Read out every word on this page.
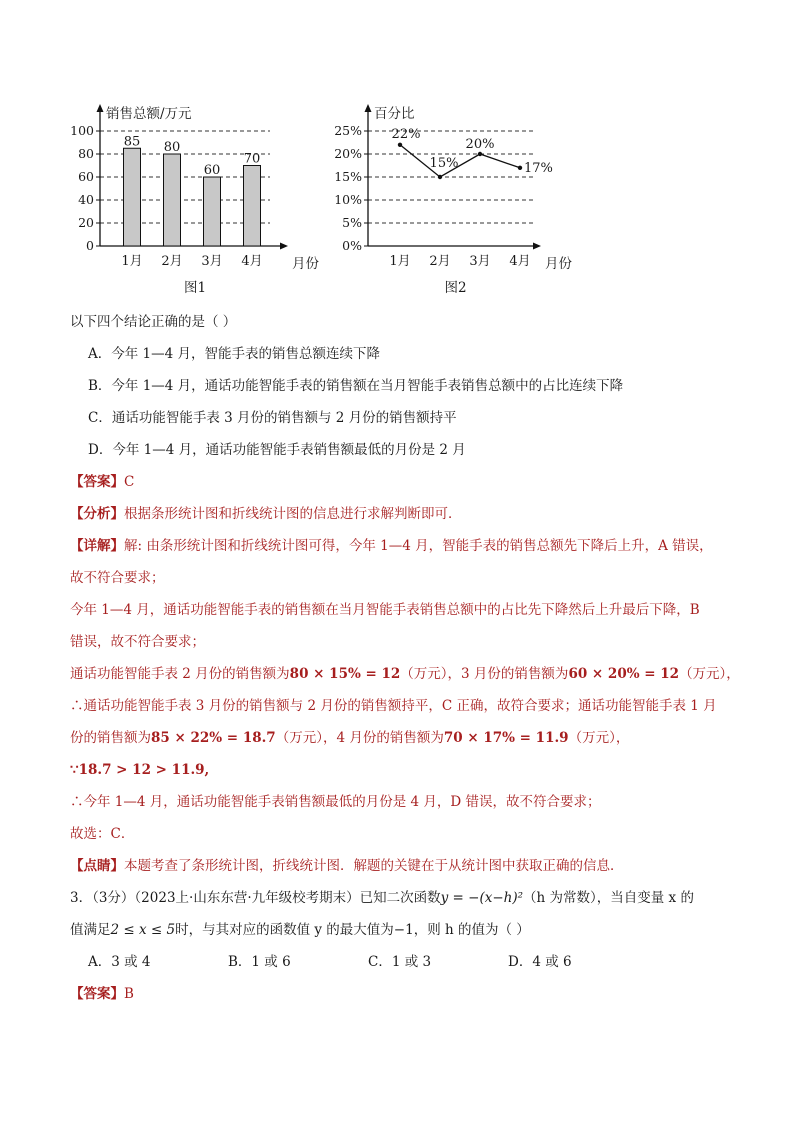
0
20
40
60
80
100
销售总额/万元
月份
1月 2月 3月 4月
85 80
60
70
图1
0%
5%
10%
15%
20%
25%
百分比
月份
1月 2月 3月 4月
22%
15%
20%
17%
图2
以下四个结论正确的是（ ）
A．今年 1—4 月，智能手表的销售总额连续下降
B．今年 1—4 月，通话功能智能手表的销售额在当月智能手表销售总额中的占比连续下降
C．通话功能智能手表 3 月份的销售额与 2 月份的销售额持平
D．今年 1—4 月，通话功能智能手表销售额最低的月份是 2 月
【答案】C
【分析】根据条形统计图和折线统计图的信息进行求解判断即可．
【详解】解: 由条形统计图和折线统计图可得，今年 1—4 月，智能手表的销售总额先下降后上升，A 错误，
故不符合要求；
今年 1—4 月，通话功能智能手表的销售额在当月智能手表销售总额中的占比先下降然后上升最后下降，B
错误，故不符合要求；
通话功能智能手表 2 月份的销售额为80 × 15% = 12（万元），3 月份的销售额为60 × 20% = 12（万元），
∴通话功能智能手表 3 月份的销售额与 2 月份的销售额持平，C 正确，故符合要求；通话功能智能手表 1 月
份的销售额为85 × 22% = 18.7（万元），4 月份的销售额为70 × 17% = 11.9（万元），
∵18.7 > 12 > 11.9,
∴今年 1—4 月，通话功能智能手表销售额最低的月份是 4 月，D 错误，故不符合要求；
故选：C．
【点睛】本题考查了条形统计图，折线统计图．解题的关键在于从统计图中获取正确的信息．
3．（3分）（2023上·山东东营·九年级校考期末）已知二次函数y = −(x−h)²（h 为常数），当自变量 x 的
值满足2 ≤ x ≤ 5时，与其对应的函数值 y 的最大值为−1，则 h 的值为（ ）
A．3 或 4	B．1 或 6	C．1 或 3	D．4 或 6
【答案】B
